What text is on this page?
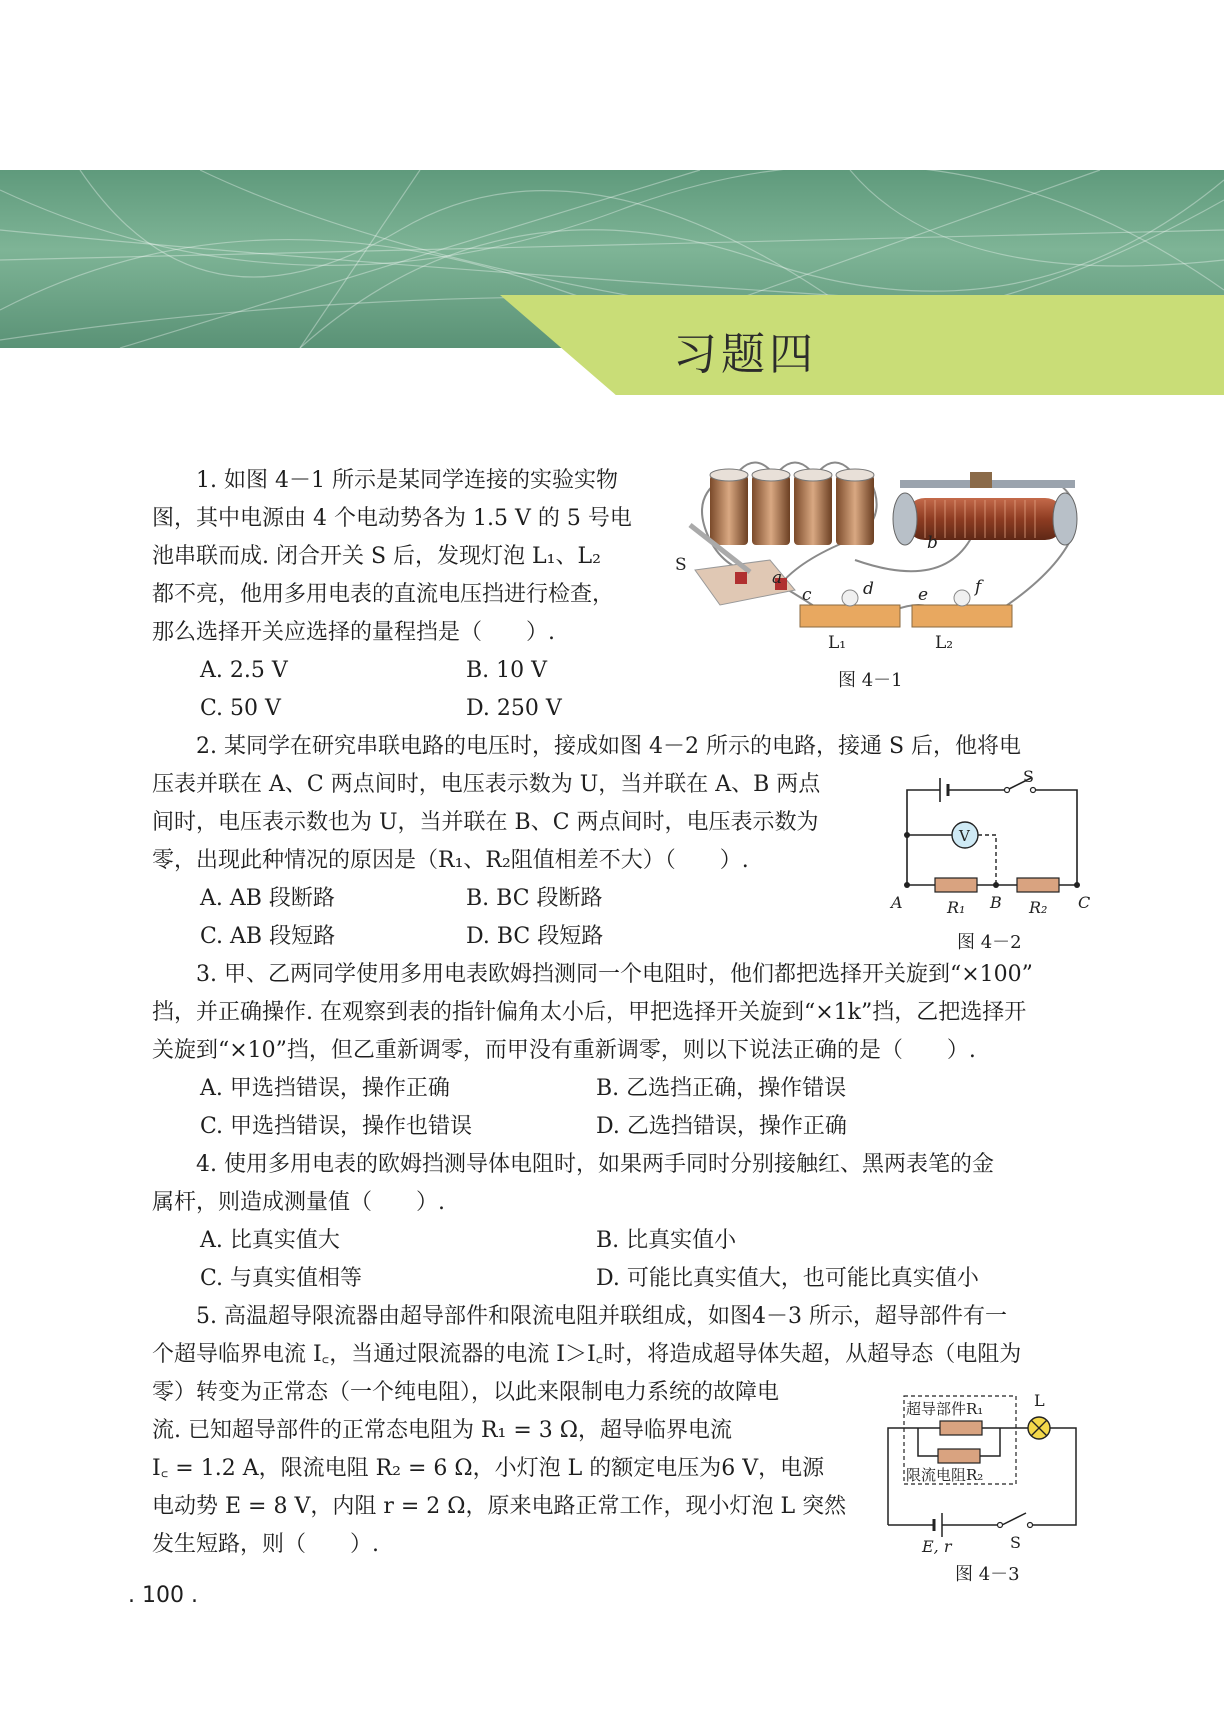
习题四

1. 如图 4－1 所示是某同学连接的实验实物

图，其中电源由 4 个电动势各为 1.5 V 的 5 号电

池串联而成. 闭合开关 S 后，发现灯泡 L₁、L₂

都不亮，他用多用电表的直流电压挡进行检查，

那么选择开关应选择的量程挡是（　　）.

A. 2.5 V	B. 10 V
C. 50 V	D. 250 V
S
a
b
c	d	e	f
L₁	L₂
图 4－1

2. 某同学在研究串联电路的电压时，接成如图 4－2 所示的电路，接通 S 后，他将电

压表并联在 A、C 两点间时，电压表示数为 U，当并联在 A、B 两点

间时，电压表示数也为 U，当并联在 B、C 两点间时，电压表示数为

零，出现此种情况的原因是（R₁、R₂阻值相差不大）（　　）.

A. AB 段断路	B. BC 段断路
C. AB 段短路	D. BC 段短路
V
S
A	B	C
R₁	R₂
图 4－2

3. 甲、乙两同学使用多用电表欧姆挡测同一个电阻时，他们都把选择开关旋到“×100”

挡，并正确操作. 在观察到表的指针偏角太小后，甲把选择开关旋到“×1k”挡，乙把选择开

关旋到“×10”挡，但乙重新调零，而甲没有重新调零，则以下说法正确的是（　　）.

A. 甲选挡错误，操作正确	B. 乙选挡正确，操作错误
C. 甲选挡错误，操作也错误	D. 乙选挡错误，操作正确

4. 使用多用电表的欧姆挡测导体电阻时，如果两手同时分别接触红、黑两表笔的金

属杆，则造成测量值（　　）.

A. 比真实值大	B. 比真实值小
C. 与真实值相等	D. 可能比真实值大，也可能比真实值小

5. 高温超导限流器由超导部件和限流电阻并联组成，如图4－3 所示，超导部件有一

个超导临界电流 I꜀，当通过限流器的电流 I＞I꜀时，将造成超导体失超，从超导态（电阻为

零）转变为正常态（一个纯电阻），以此来限制电力系统的故障电

流. 已知超导部件的正常态电阻为 R₁ = 3 Ω，超导临界电流

I꜀ = 1.2 A，限流电阻 R₂ = 6 Ω，小灯泡 L 的额定电压为6 V，电源

电动势 E = 8 V，内阻 r = 2 Ω，原来电路正常工作，现小灯泡 L 突然

发生短路，则（　　）.

超导部件R₁
限流电阻R₂
L
E, r	S
图 4－3
. 100 .
